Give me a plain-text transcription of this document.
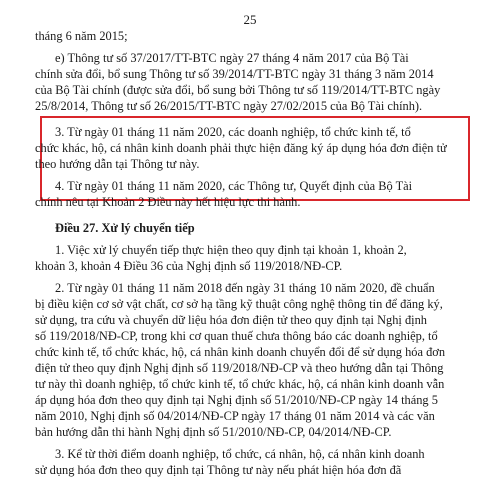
25
tháng 6 năm 2015;
e) Thông tư số 37/2017/TT-BTC ngày 27 tháng 4 năm 2017 của Bộ Tài
chính sửa đổi, bổ sung Thông tư số 39/2014/TT-BTC ngày 31 tháng 3 năm 2014
của Bộ Tài chính (được sửa đổi, bổ sung bởi Thông tư số 119/2014/TT-BTC ngày
25/8/2014, Thông tư số 26/2015/TT-BTC ngày 27/02/2015 của Bộ Tài chính).
3. Từ ngày 01 tháng 11 năm 2020, các doanh nghiệp, tổ chức kinh tế, tổ
chức khác, hộ, cá nhân kinh doanh phải thực hiện đăng ký áp dụng hóa đơn điện tử
theo hướng dẫn tại Thông tư này.
4. Từ ngày 01 tháng 11 năm 2020, các Thông tư, Quyết định của Bộ Tài
chính nêu tại Khoản 2 Điều này hết hiệu lực thi hành.
Điều 27. Xử lý chuyển tiếp
1. Việc xử lý chuyển tiếp thực hiện theo quy định tại khoản 1, khoản 2,
khoản 3, khoản 4 Điều 36 của Nghị định số 119/2018/NĐ-CP.
2. Từ ngày 01 tháng 11 năm 2018 đến ngày 31 tháng 10 năm 2020, đề chuẩn
bị điều kiện cơ sở vật chất, cơ sở hạ tầng kỹ thuật công nghệ thông tin để đăng ký,
sử dụng, tra cứu và chuyển dữ liệu hóa đơn điện tử theo quy định tại Nghị định
số 119/2018/NĐ-CP, trong khi cơ quan thuế chưa thông báo các doanh nghiệp, tổ
chức kinh tế, tổ chức khác, hộ, cá nhân kinh doanh chuyển đổi để sử dụng hóa đơn
điện tử theo quy định Nghị định số 119/2018/NĐ-CP và theo hướng dẫn tại Thông
tư này thì doanh nghiệp, tổ chức kinh tế, tổ chức khác, hộ, cá nhân kinh doanh vẫn
áp dụng hóa đơn theo quy định tại Nghị định số 51/2010/NĐ-CP ngày 14 tháng 5
năm 2010, Nghị định số 04/2014/NĐ-CP ngày 17 tháng 01 năm 2014 và các văn
bản hướng dẫn thi hành Nghị định số 51/2010/NĐ-CP, 04/2014/NĐ-CP.
3. Kể từ thời điểm doanh nghiệp, tổ chức, cá nhân, hộ, cá nhân kinh doanh
sử dụng hóa đơn theo quy định tại Thông tư này nếu phát hiện hóa đơn đã
